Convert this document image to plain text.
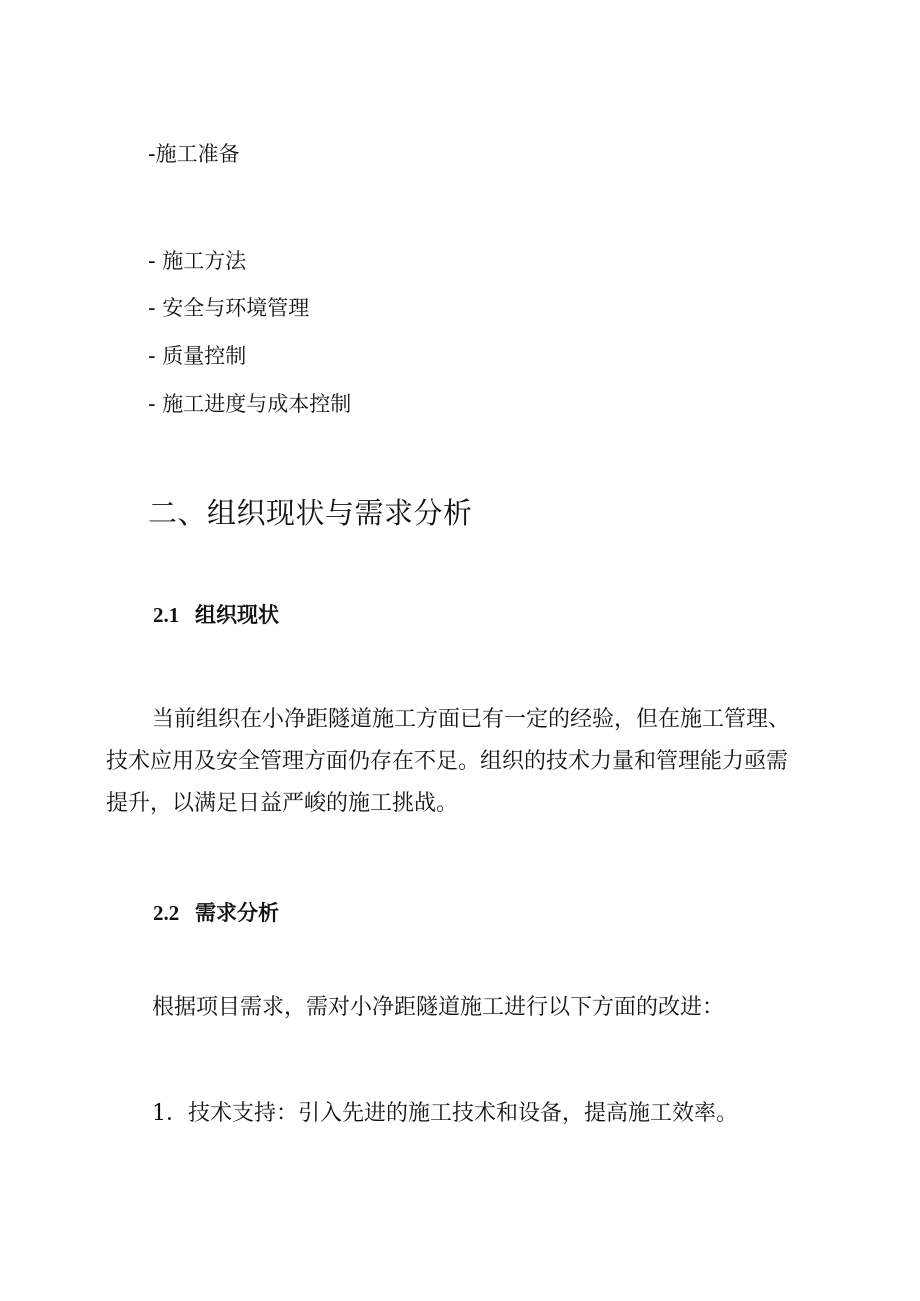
-施工准备
- 施工方法
- 安全与环境管理
- 质量控制
- 施工进度与成本控制
二、组织现状与需求分析
2.1 组织现状
当前组织在小净距隧道施工方面已有一定的经验，但在施工管理、
技术应用及安全管理方面仍存在不足。组织的技术力量和管理能力亟需
提升，以满足日益严峻的施工挑战。
2.2 需求分析
根据项目需求，需对小净距隧道施工进行以下方面的改进：
1．技术支持：引入先进的施工技术和设备，提高施工效率。
